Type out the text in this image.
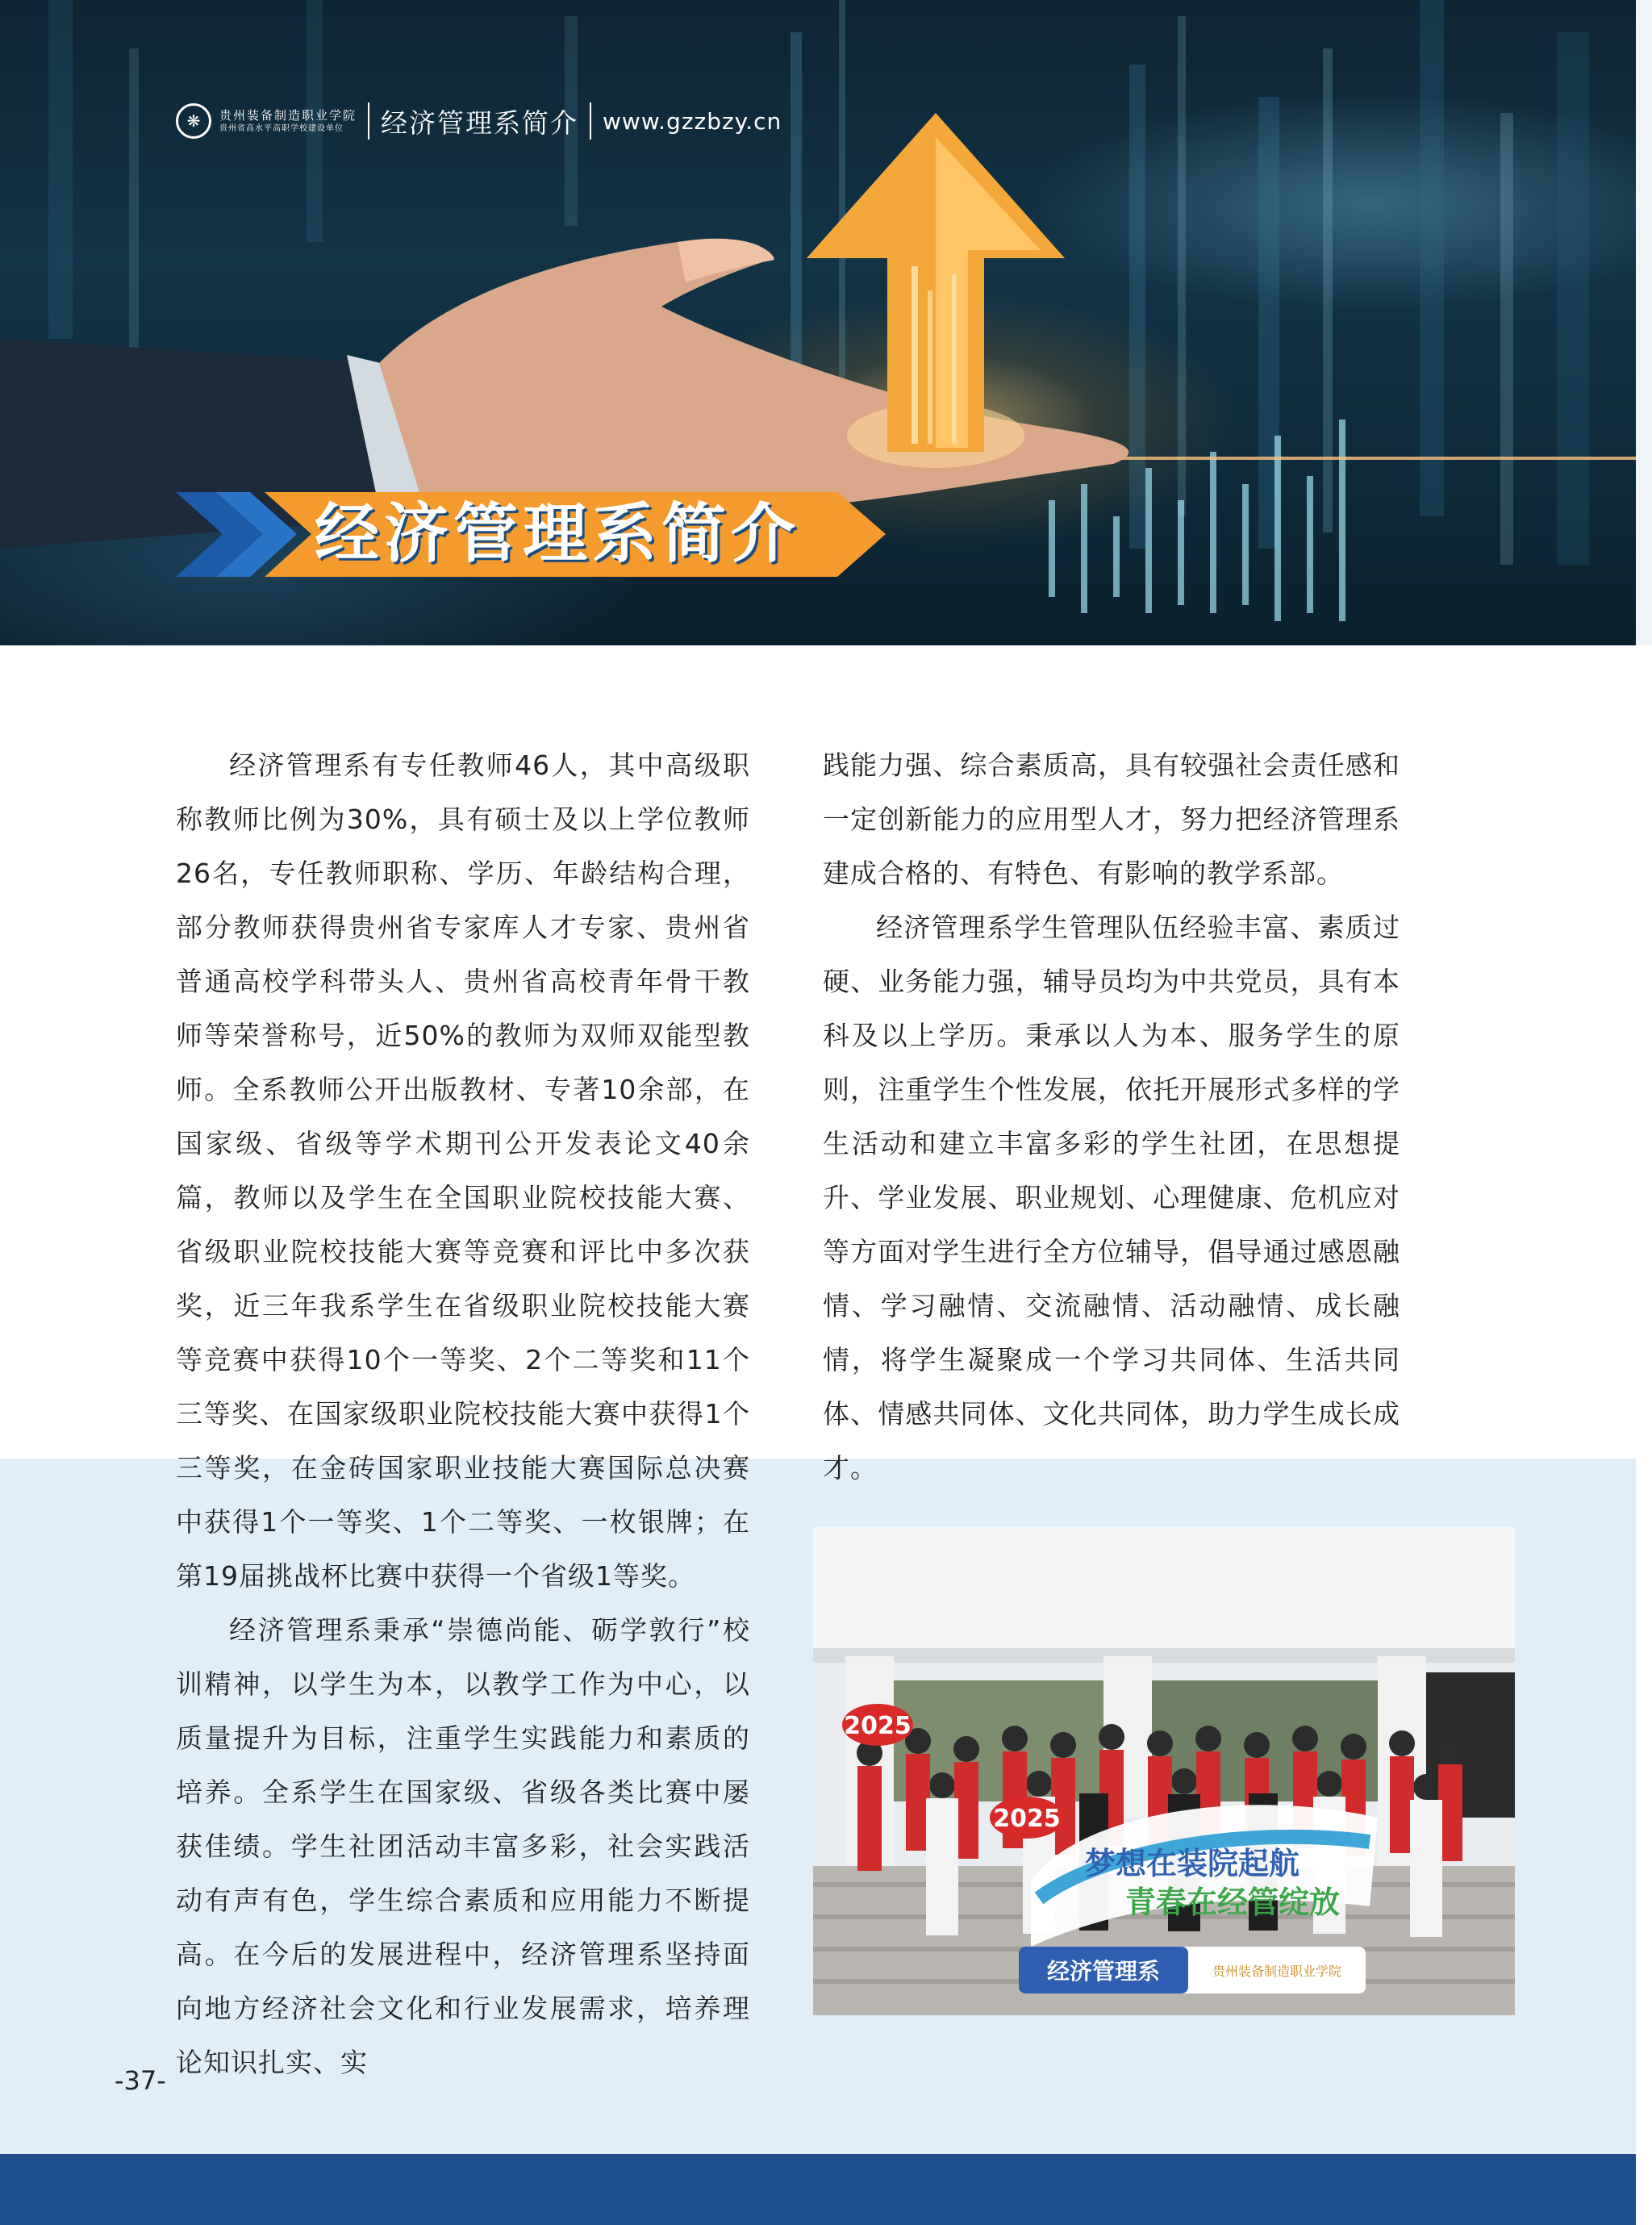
❋	贵州装备制造职业学院
贵州省高水平高职学校建设单位	经济管理系简介 www.gzzbzy.cn
经济管理系简介

经济管理系有专任教师46人，其中高级职称教师比例为30%，具有硕士及以上学位教师26名，专任教师职称、学历、年龄结构合理，部分教师获得贵州省专家库人才专家、贵州省普通高校学科带头人、贵州省高校青年骨干教师等荣誉称号，近50%的教师为双师双能型教师。全系教师公开出版教材、专著10余部，在国家级、省级等学术期刊公开发表论文40余篇，教师以及学生在全国职业院校技能大赛、省级职业院校技能大赛等竞赛和评比中多次获奖，近三年我系学生在省级职业院校技能大赛等竞赛中获得10个一等奖、2个二等奖和11个三等奖、在国家级职业院校技能大赛中获得1个三等奖，在金砖国家职业技能大赛国际总决赛中获得1个一等奖、1个二等奖、一枚银牌；在第19届挑战杯比赛中获得一个省级1等奖。

经济管理系秉承“崇德尚能、砺学敦行”校训精神，以学生为本，以教学工作为中心，以质量提升为目标，注重学生实践能力和素质的培养。全系学生在国家级、省级各类比赛中屡获佳绩。学生社团活动丰富多彩，社会实践活动有声有色，学生综合素质和应用能力不断提高。在今后的发展进程中，经济管理系坚持面向地方经济社会文化和行业发展需求，培养理论知识扎实、实

践能力强、综合素质高，具有较强社会责任感和一定创新能力的应用型人才，努力把经济管理系建成合格的、有特色、有影响的教学系部。

经济管理系学生管理队伍经验丰富、素质过硬、业务能力强，辅导员均为中共党员，具有本科及以上学历。秉承以人为本、服务学生的原则，注重学生个性发展，依托开展形式多样的学生活动和建立丰富多彩的学生社团，在思想提升、学业发展、职业规划、心理健康、危机应对等方面对学生进行全方位辅导，倡导通过感恩融情、学习融情、交流融情、活动融情、成长融情，将学生凝聚成一个学习共同体、生活共同体、情感共同体、文化共同体，助力学生成长成才。

2025
2025
梦想在装院起航
青春在经管绽放
经济管理系	贵州装备制造职业学院
-37-
